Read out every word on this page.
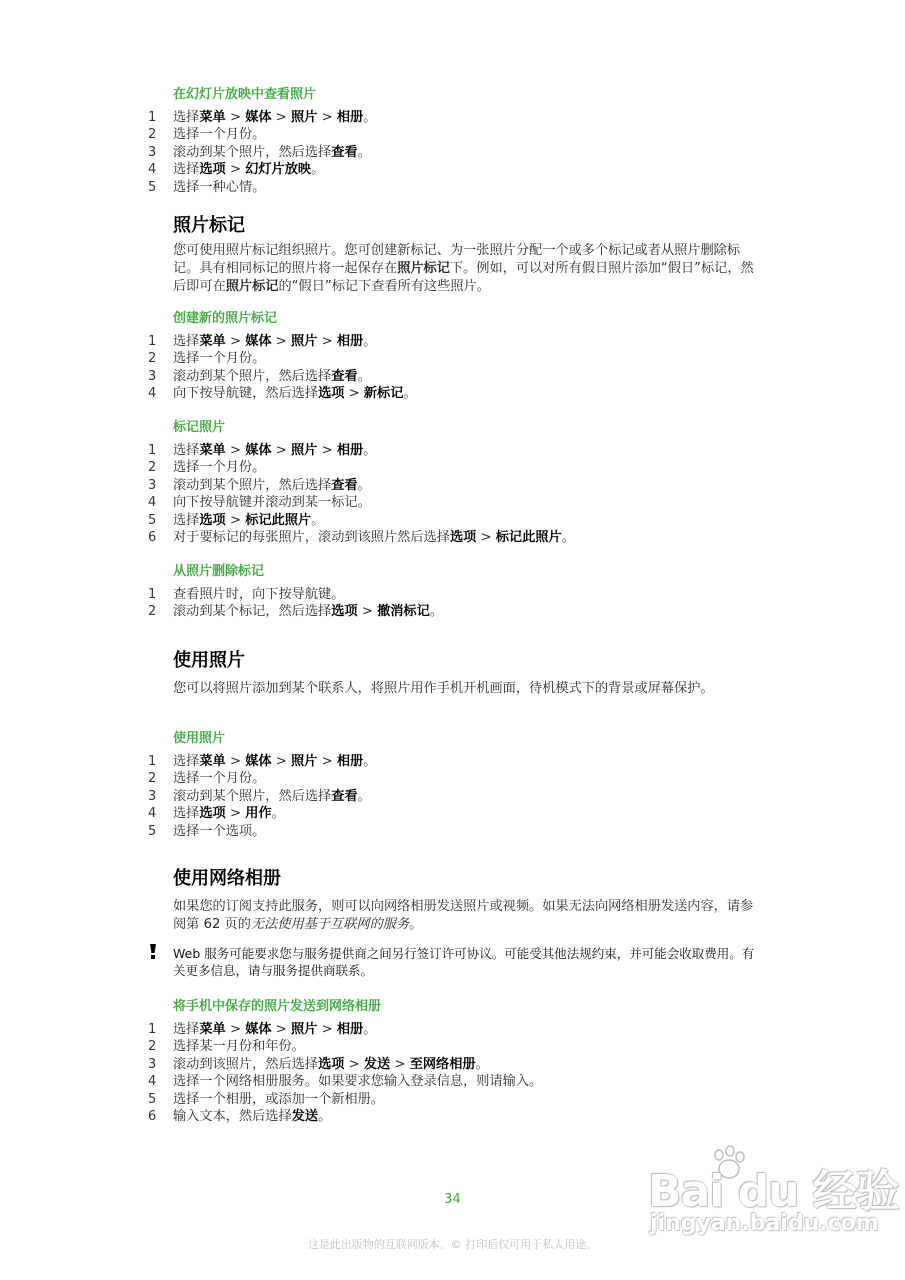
在幻灯片放映中查看照片
照片标记
您可使用照片标记组织照片。您可创建新标记、为一张照片分配一个或多个标记或者从照片删除标记。具有相同标记的照片将一起保存在照片标记下。例如，可以对所有假日照片添加“假日”标记，然后即可在照片标记的“假日”标记下查看所有这些照片。
创建新的照片标记
标记照片
从照片删除标记
使用照片
您可以将照片添加到某个联系人，将照片用作手机开机画面，待机模式下的背景或屏幕保护。
使用照片
使用网络相册
如果您的订阅支持此服务，则可以向网络相册发送照片或视频。如果无法向网络相册发送内容，请参阅第 62 页的无法使用基于互联网的服务。
Web 服务可能要求您与服务提供商之间另行签订许可协议。可能受其他法规约束，并可能会收取费用。有关更多信息，请与服务提供商联系。
将手机中保存的照片发送到网络相册
34
这是此出版物的互联网版本。© 打印后仅可用于私人用途。
Bai du 经验
jingyan.baidu.com
1	选择菜单 > 媒体 > 照片 > 相册。
2	选择一个月份。
3	滚动到某个照片，然后选择查看。
4	选择选项 > 幻灯片放映。
5	选择一种心情。
1	选择菜单 > 媒体 > 照片 > 相册。
2	选择一个月份。
3	滚动到某个照片，然后选择查看。
4	向下按导航键，然后选择选项 > 新标记。
1	选择菜单 > 媒体 > 照片 > 相册。
2	选择一个月份。
3	滚动到某个照片，然后选择查看。
4	向下按导航键并滚动到某一标记。
5	选择选项 > 标记此照片。
6	对于要标记的每张照片，滚动到该照片然后选择选项 > 标记此照片。
1	查看照片时，向下按导航键。
2	滚动到某个标记，然后选择选项 > 撤消标记。
1	选择菜单 > 媒体 > 照片 > 相册。
2	选择一个月份。
3	滚动到某个照片，然后选择查看。
4	选择选项 > 用作。
5	选择一个选项。
1	选择菜单 > 媒体 > 照片 > 相册。
2	选择某一月份和年份。
3	滚动到该照片，然后选择选项 > 发送 > 至网络相册。
4	选择一个网络相册服务。如果要求您输入登录信息，则请输入。
5	选择一个相册，或添加一个新相册。
6	输入文本，然后选择发送。
